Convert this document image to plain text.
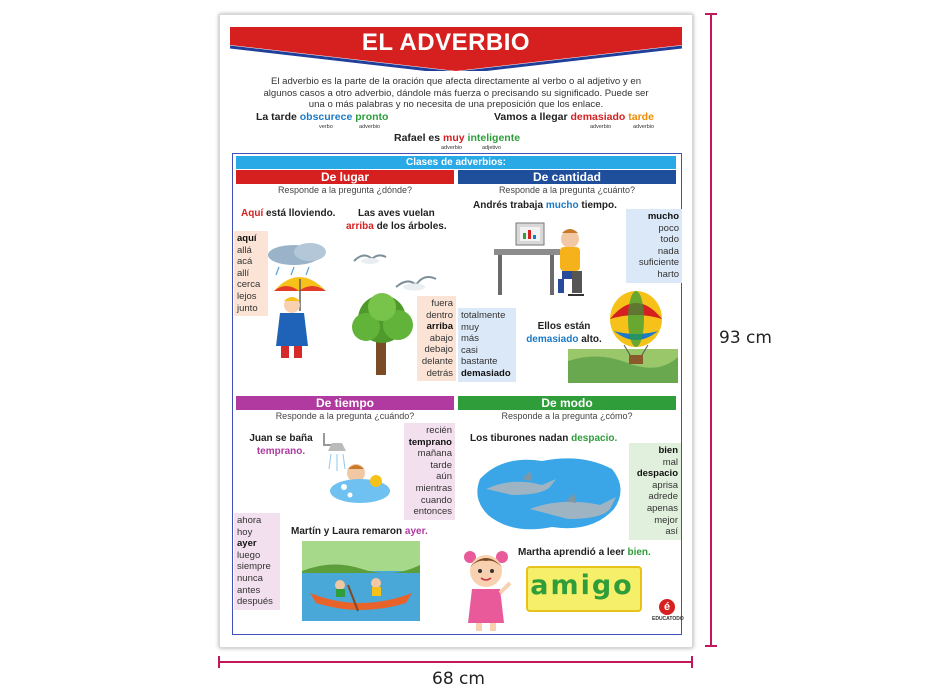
93 cm
68 cm
EL ADVERBIO
El adverbio es la parte de la oración que afecta directamente al verbo o al adjetivo y en algunos casos a otro adverbio, dándole más fuerza o precisando su significado. Puede ser una o más palabras y no necesita de una preposición que los enlace.
La tarde obscurece pronto
verbo	adverbio
Vamos a llegar demasiado tarde
adverbio	adverbio
Rafael es muy inteligente
adverbio	adjetivo
Clases de adverbios:
De lugar
Responde a la pregunta ¿dónde?
Aquí está lloviendo.	Las aves vuelan
arriba de los árboles.
aquí
allá
acá
allí
cerca
lejos
junto	fuera
dentro
arriba
abajo
debajo
delante
detrás
De cantidad
Responde a la pregunta ¿cuánto?
Andrés trabaja mucho tiempo.
mucho
poco
todo
nada
suficiente
harto
totalmente
muy
más
casi
bastante
demasiado
Ellos están
demasiado alto.
De tiempo
Responde a la pregunta ¿cuándo?
Juan se baña
temprano.
recién
temprano
mañana
tarde
aún
mientras
cuando
entonces
ahora
hoy
ayer
luego
siempre
nunca
antes
después
Martín y Laura remaron ayer.
De modo
Responde a la pregunta ¿cómo?
Los tiburones nadan despacio.
bien
mal
despacio
aprisa
adrede
apenas
mejor
así
Martha aprendió a leer bien.
amigo
é
EDUCATODO
